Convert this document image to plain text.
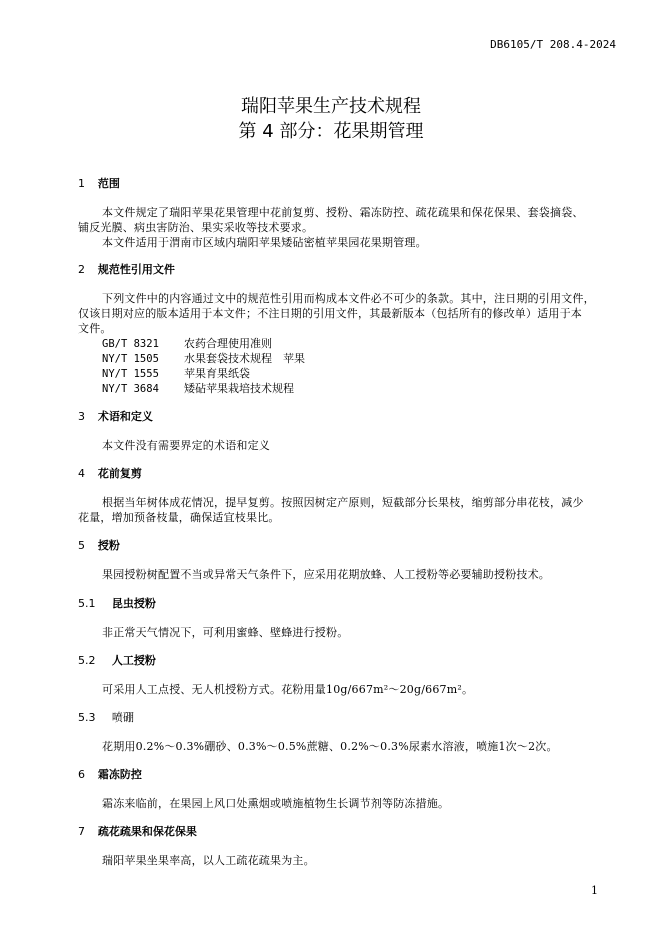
DB6105/T 208.4-2024
瑞阳苹果生产技术规程
第 4 部分：花果期管理
1 范围
本文件规定了瑞阳苹果花果管理中花前复剪、授粉、霜冻防控、疏花疏果和保花保果、套袋摘袋、
铺反光膜、病虫害防治、果实采收等技术要求。
本文件适用于渭南市区域内瑞阳苹果矮砧密植苹果园花果期管理。
2 规范性引用文件
下列文件中的内容通过文中的规范性引用而构成本文件必不可少的条款。其中，注日期的引用文件，
仅该日期对应的版本适用于本文件；不注日期的引用文件，其最新版本（包括所有的修改单）适用于本
文件。
GB/T 8321 农药合理使用准则
NY/T 1505 水果套袋技术规程　苹果
NY/T 1555 苹果育果纸袋
NY/T 3684 矮砧苹果栽培技术规程
3 术语和定义
本文件没有需要界定的术语和定义
4 花前复剪
根据当年树体成花情况，提早复剪。按照因树定产原则，短截部分长果枝，缩剪部分串花枝，减少
花量，增加预备枝量，确保适宜枝果比。
5 授粉
果园授粉树配置不当或异常天气条件下，应采用花期放蜂、人工授粉等必要辅助授粉技术。
5.1 昆虫授粉
非正常天气情况下，可利用蜜蜂、壁蜂进行授粉。
5.2 人工授粉
可采用人工点授、无人机授粉方式。花粉用量10g/667m²～20g/667m²。
5.3 喷硼
花期用0.2%～0.3%硼砂、0.3%～0.5%蔗糖、0.2%～0.3%尿素水溶液，喷施1次～2次。
6 霜冻防控
霜冻来临前，在果园上风口处熏烟或喷施植物生长调节剂等防冻措施。
7 疏花疏果和保花保果
瑞阳苹果坐果率高，以人工疏花疏果为主。
1
